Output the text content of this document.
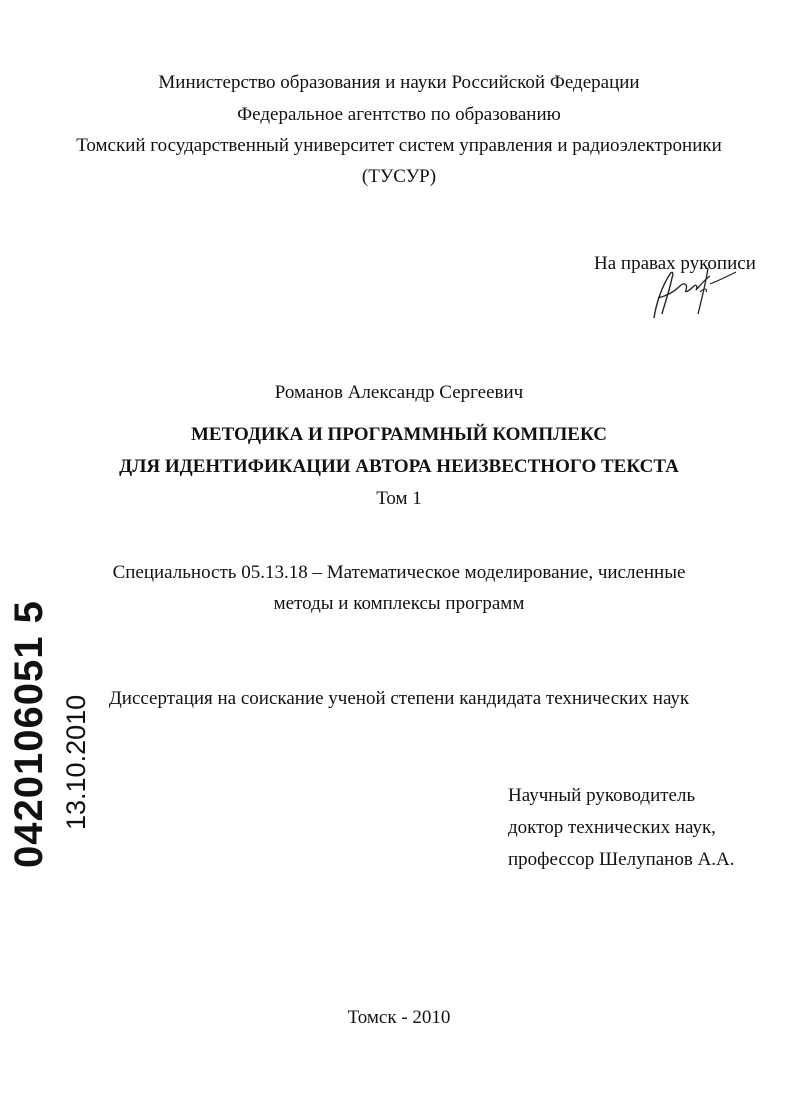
Министерство образования и науки Российской Федерации
Федеральное агентство по образованию
Томский государственный университет систем управления и радиоэлектроники
(ТУСУР)
На правах рукописи
Романов Александр Сергеевич
МЕТОДИКА И ПРОГРАММНЫЙ КОМПЛЕКС
ДЛЯ ИДЕНТИФИКАЦИИ АВТОРА НЕИЗВЕСТНОГО ТЕКСТА
Том 1
Специальность 05.13.18 – Математическое моделирование, численные
методы и комплексы программ
Диссертация на соискание ученой степени кандидата технических наук
Научный руководитель
доктор технических наук,
профессор Шелупанов А.А.
Томск - 2010
0420106051 5 13.10.2010
